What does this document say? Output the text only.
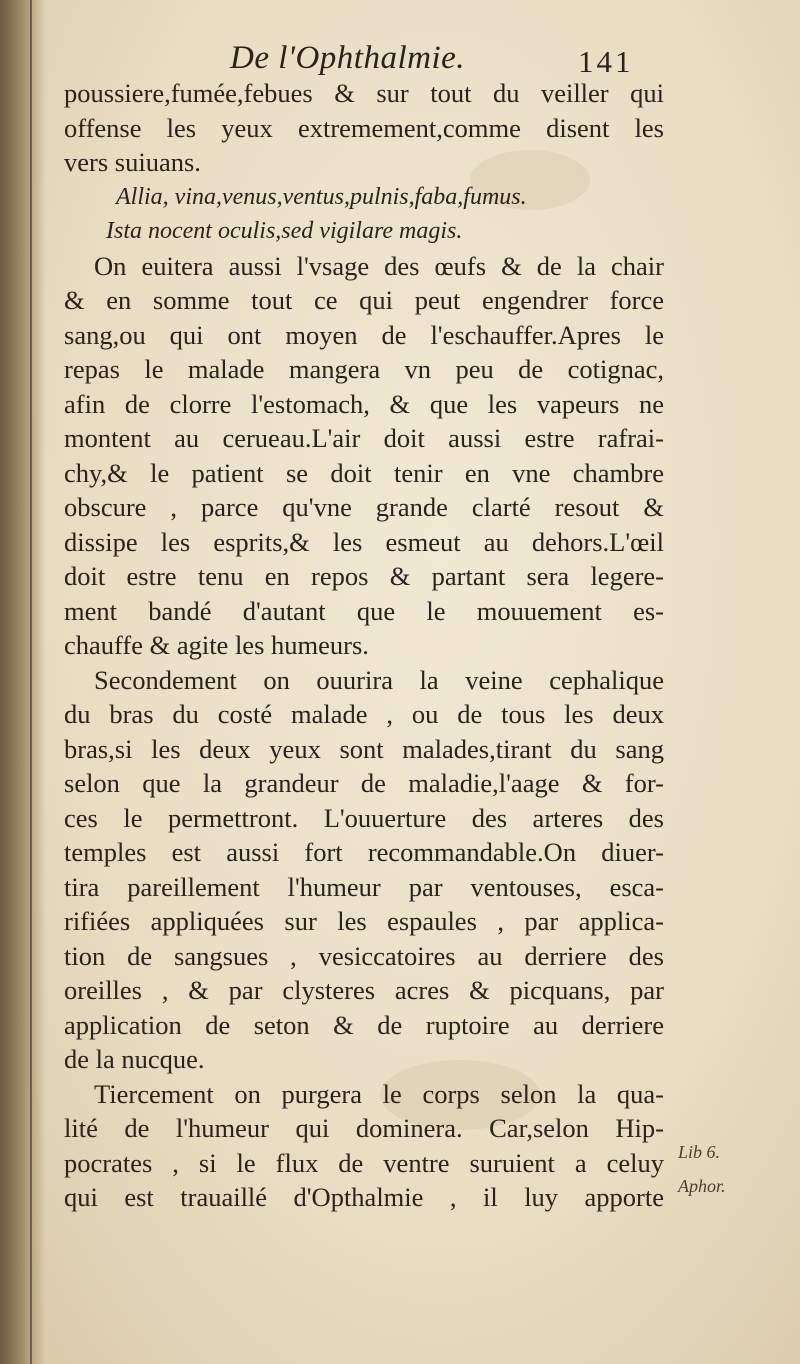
De l'Ophthalmie.	141
poussiere,fumée,febues & sur tout du veiller qui
offense les yeux extremement,comme disent les
vers suiuans.
Allia, vina,venus,ventus,pulnis,faba,fumus.
Ista nocent oculis,sed vigilare magis.
On euitera aussi l'vsage des œufs & de la chair
& en somme tout ce qui peut engendrer force
sang,ou qui ont moyen de l'eschauffer.Apres le
repas le malade mangera vn peu de cotignac,
afin de clorre l'estomach, & que les vapeurs ne
montent au cerueau.L'air doit aussi estre rafrai-
chy,& le patient se doit tenir en vne chambre
obscure , parce qu'vne grande clarté resout &
dissipe les esprits,& les esmeut au dehors.L'œil
doit estre tenu en repos & partant sera legere-
ment bandé d'autant que le mouuement es-
chauffe & agite les humeurs.
Secondement on ouurira la veine cephalique
du bras du costé malade , ou de tous les deux
bras,si les deux yeux sont malades,tirant du sang
selon que la grandeur de maladie,l'aage & for-
ces le permettront. L'ouuerture des arteres des
temples est aussi fort recommandable.On diuer-
tira pareillement l'humeur par ventouses, esca-
rifiées appliquées sur les espaules , par applica-
tion de sangsues , vesiccatoires au derriere des
oreilles , & par clysteres acres & picquans, par
application de seton & de ruptoire au derriere
de la nucque.
Tiercement on purgera le corps selon la qua-
lité de l'humeur qui dominera. Car,selon Hip-
pocrates , si le flux de ventre suruient a celuy
qui est trauaillé d'Opthalmie , il luy apporte
Lib 6.
Aphor.
